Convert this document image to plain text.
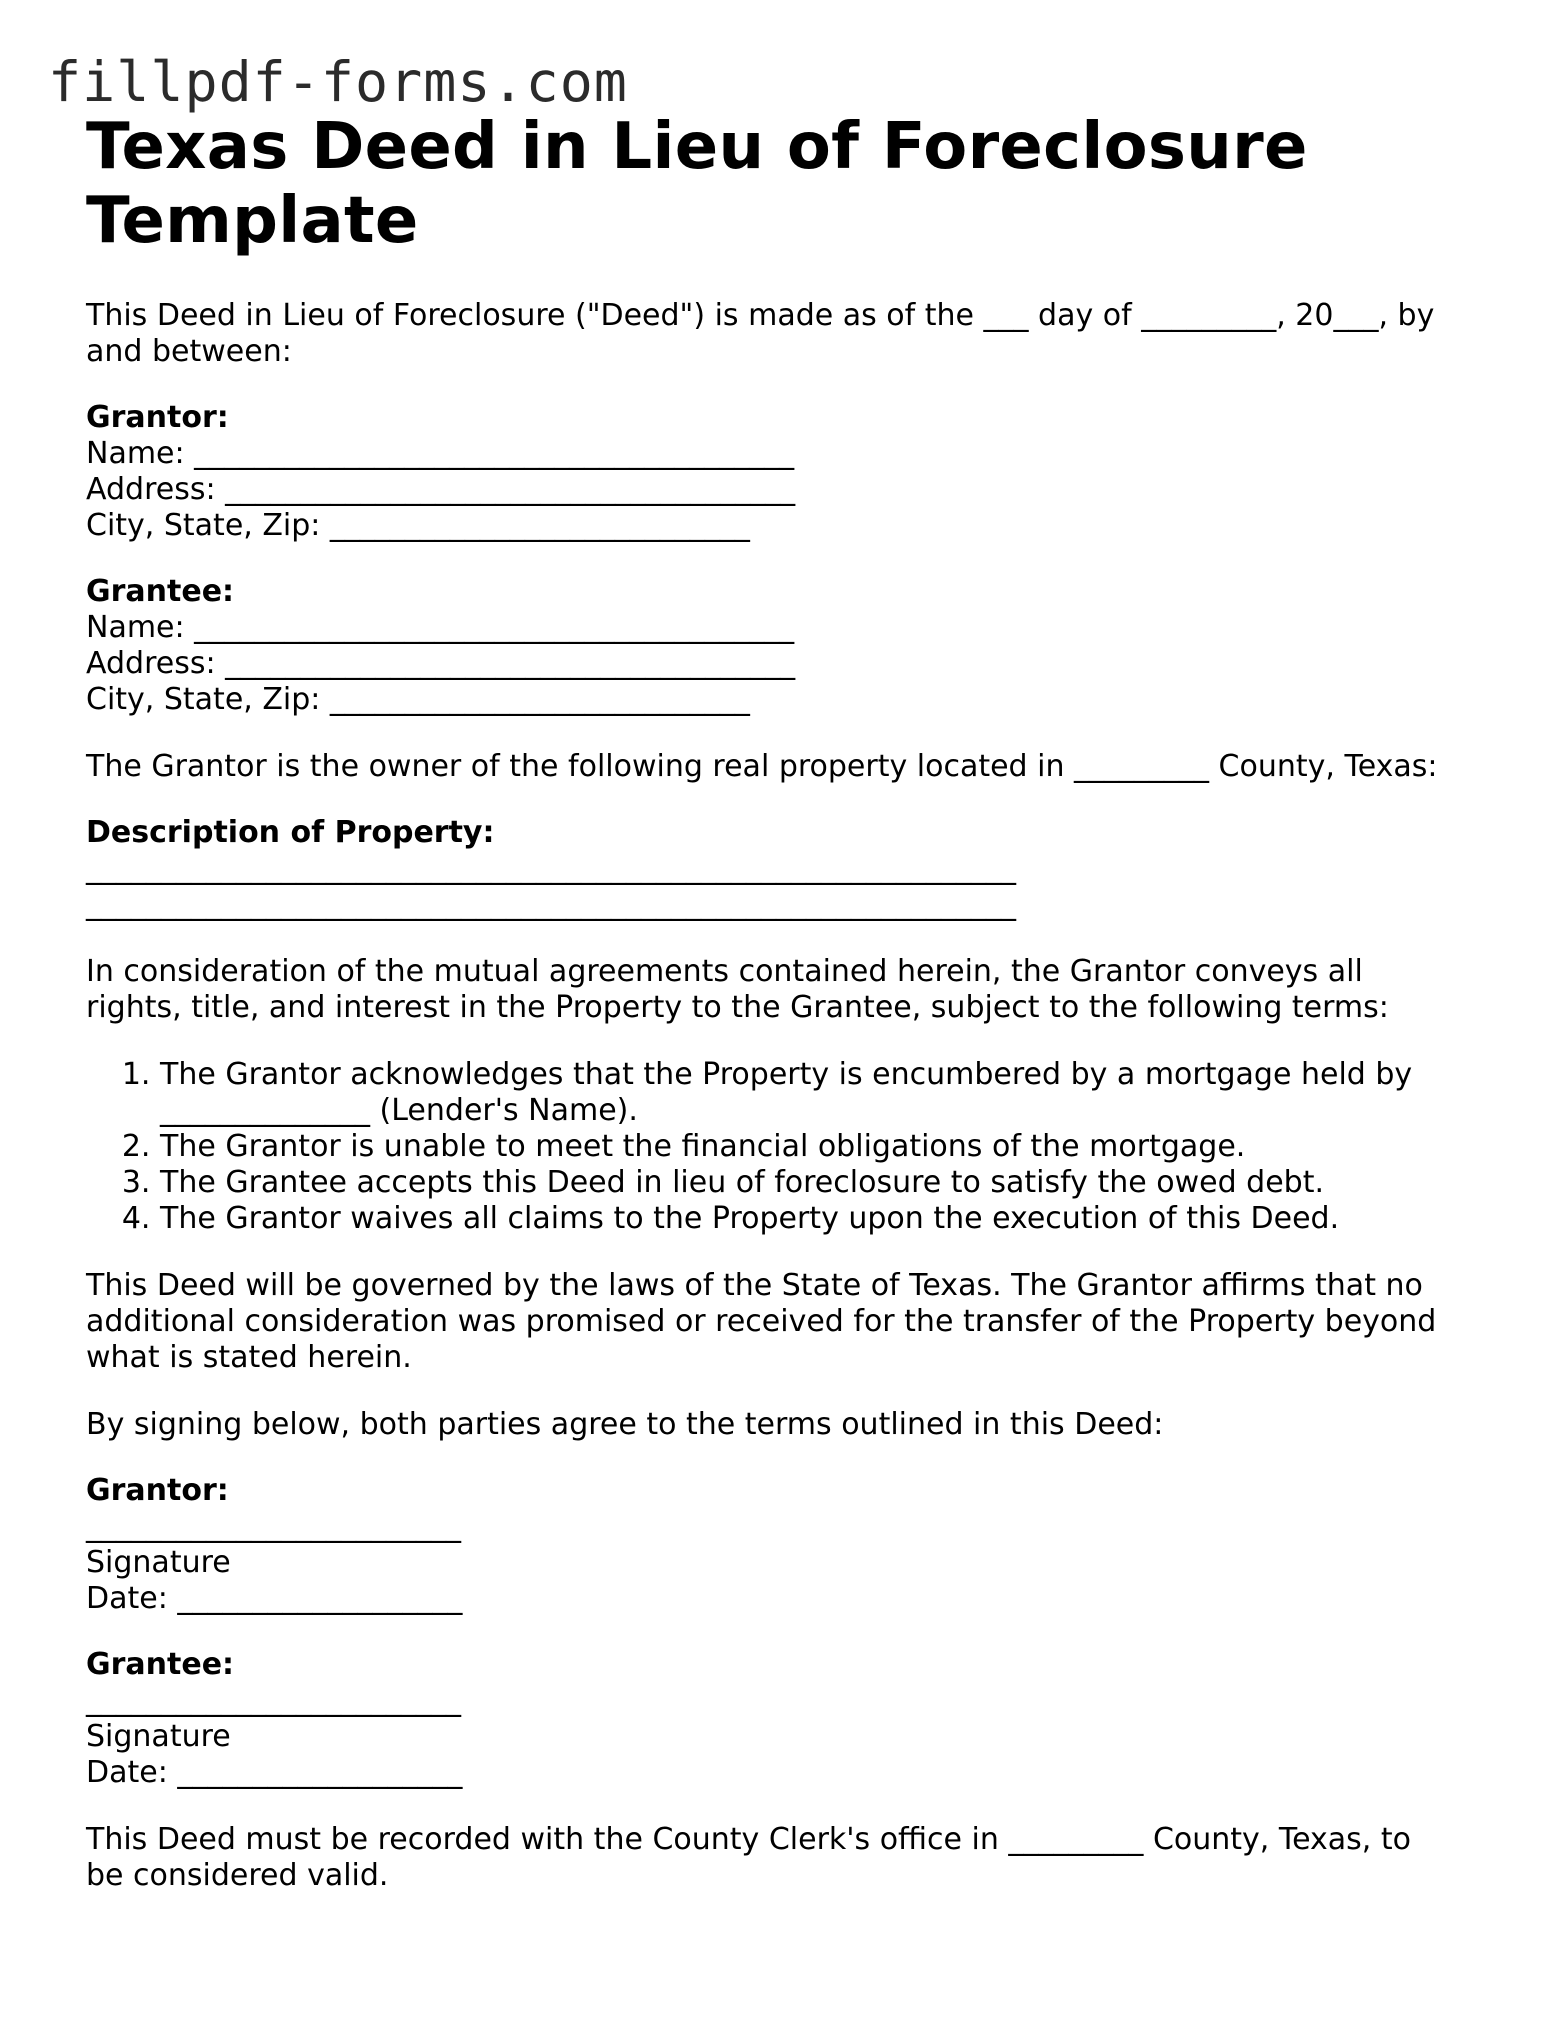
fillpdf-forms.com
Texas Deed in Lieu of Foreclosure
Template

This Deed in Lieu of Foreclosure ("Deed") is made as of the ___ day of _________, 20___, by
and between:

Grantor:
Name: ________________________________________
Address: ______________________________________
City, State, Zip: ____________________________
Grantee:
Name: ________________________________________
Address: ______________________________________
City, State, Zip: ____________________________

The Grantor is the owner of the following real property located in _________ County, Texas:

Description of Property:
______________________________________________________________
______________________________________________________________

In consideration of the mutual agreements contained herein, the Grantor conveys all
rights, title, and interest in the Property to the Grantee, subject to the following terms:

1. The Grantor acknowledges that the Property is encumbered by a mortgage held by
______________ (Lender's Name).
2. The Grantor is unable to meet the financial obligations of the mortgage.
3. The Grantee accepts this Deed in lieu of foreclosure to satisfy the owed debt.
4. The Grantor waives all claims to the Property upon the execution of this Deed.

This Deed will be governed by the laws of the State of Texas. The Grantor affirms that no
additional consideration was promised or received for the transfer of the Property beyond
what is stated herein.

By signing below, both parties agree to the terms outlined in this Deed:

Grantor:
_________________________
Signature
Date: ___________________
Grantee:
_________________________
Signature
Date: ___________________

This Deed must be recorded with the County Clerk's office in _________ County, Texas, to
be considered valid.
